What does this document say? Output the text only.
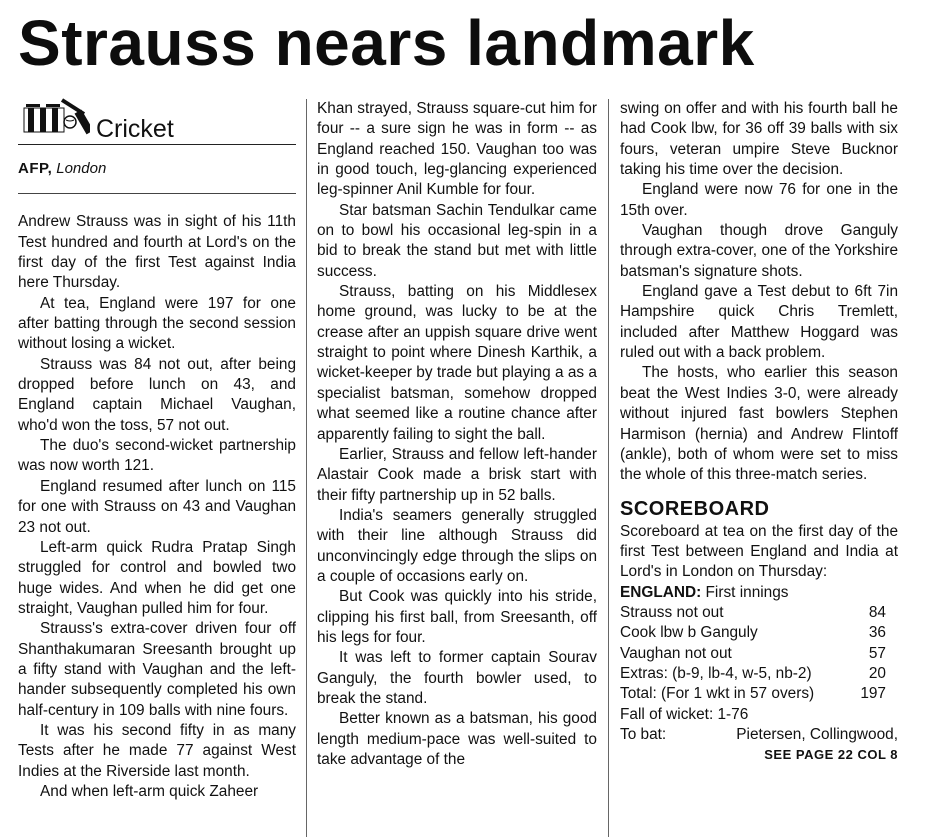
Strauss nears landmark
Cricket
AFP, London

Andrew Strauss was in sight of his 11th Test hundred and fourth at Lord's on the first day of the first Test against India here Thursday.

At tea, England were 197 for one after batting through the second session without losing a wicket.

Strauss was 84 not out, after being dropped before lunch on 43, and England captain Michael Vaughan, who'd won the toss, 57 not out.

The duo's second-wicket partnership was now worth 121.

England resumed after lunch on 115 for one with Strauss on 43 and Vaughan 23 not out.

Left-arm quick Rudra Pratap Singh struggled for control and bowled two huge wides. And when he did get one straight, Vaughan pulled him for four.

Strauss's extra-cover driven four off Shanthakumaran Sreesanth brought up a fifty stand with Vaughan and the left-hander subsequently completed his own half-century in 109 balls with nine fours.

It was his second fifty in as many Tests after he made 77 against West Indies at the Riverside last month.

And when left-arm quick Zaheer

Khan strayed, Strauss square-cut him for four -- a sure sign he was in form -- as England reached 150. Vaughan too was in good touch, leg-glancing experienced leg-spinner Anil Kumble for four.

Star batsman Sachin Tendulkar came on to bowl his occasional leg-spin in a bid to break the stand but met with little success.

Strauss, batting on his Middlesex home ground, was lucky to be at the crease after an uppish square drive went straight to point where Dinesh Karthik, a wicket-keeper by trade but playing a as a specialist batsman, somehow dropped what seemed like a routine chance after apparently failing to sight the ball.

Earlier, Strauss and fellow left-hander Alastair Cook made a brisk start with their fifty partnership up in 52 balls.

India's seamers generally struggled with their line although Strauss did unconvincingly edge through the slips on a couple of occasions early on.

But Cook was quickly into his stride, clipping his first ball, from Sreesanth, off his legs for four.

It was left to former captain Sourav Ganguly, the fourth bowler used, to break the stand.

Better known as a batsman, his good length medium-pace was well-suited to take advantage of the

swing on offer and with his fourth ball he had Cook lbw, for 36 off 39 balls with six fours, veteran umpire Steve Bucknor taking his time over the decision.

England were now 76 for one in the 15th over.

Vaughan though drove Ganguly through extra-cover, one of the Yorkshire batsman's signature shots.

England gave a Test debut to 6ft 7in Hampshire quick Chris Tremlett, included after Matthew Hoggard was ruled out with a back problem.

The hosts, who earlier this season beat the West Indies 3-0, were already without injured fast bowlers Stephen Harmison (hernia) and Andrew Flintoff (ankle), both of whom were set to miss the whole of this three-match series.

SCOREBOARD

Scoreboard at tea on the first day of the first Test between England and India at Lord's in London on Thursday:

ENGLAND: First innings
Strauss not out	84
Cook lbw b Ganguly	36
Vaughan not out	57
Extras: (b-9, lb-4, w-5, nb-2)	20
Total: (For 1 wkt in 57 overs)	197
Fall of wicket: 1-76
To bat:	Pietersen, Collingwood,
SEE PAGE 22 COL 8
